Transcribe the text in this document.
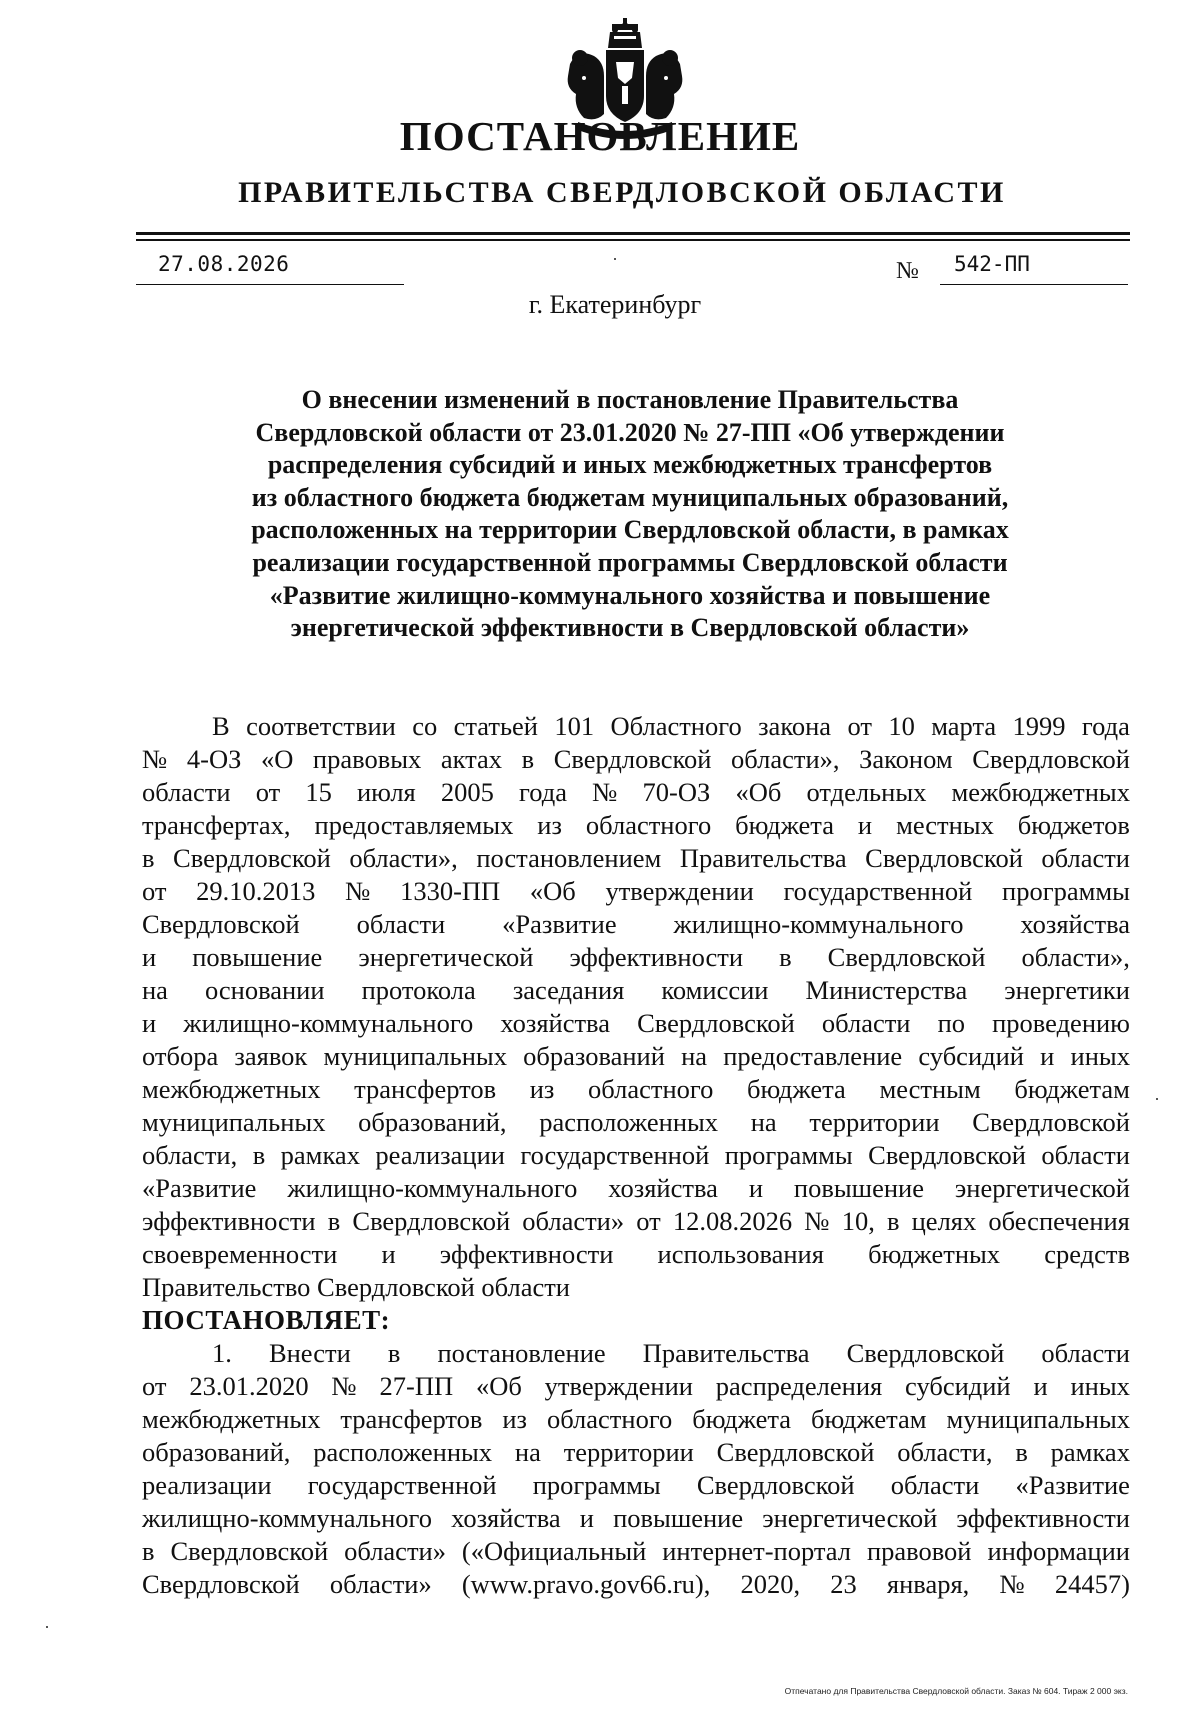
ПОСТАНОВЛЕНИЕ
ПРАВИТЕЛЬСТВА СВЕРДЛОВСКОЙ ОБЛАСТИ
27.08.2026	№ 542-ПП
г. Екатеринбург
О внесении изменений в постановление Правительства
Свердловской области от 23.01.2020 № 27-ПП «Об утверждении
распределения субсидий и иных межбюджетных трансфертов
из областного бюджета бюджетам муниципальных образований,
расположенных на территории Свердловской области, в рамках
реализации государственной программы Свердловской области
«Развитие жилищно-коммунального хозяйства и повышение
энергетической эффективности в Свердловской области»
В соответствии со статьей 101 Областного закона от 10 марта 1999 года
№ 4-ОЗ «О правовых актах в Свердловской области», Законом Свердловской
области от 15 июля 2005 года № 70-ОЗ «Об отдельных межбюджетных
трансфертах, предоставляемых из областного бюджета и местных бюджетов
в Свердловской области», постановлением Правительства Свердловской области
от 29.10.2013 № 1330-ПП «Об утверждении государственной программы
Свердловской области «Развитие жилищно-коммунального хозяйства
и повышение энергетической эффективности в Свердловской области»,
на основании протокола заседания комиссии Министерства энергетики
и жилищно-коммунального хозяйства Свердловской области по проведению
отбора заявок муниципальных образований на предоставление субсидий и иных
межбюджетных трансфертов из областного бюджета местным бюджетам
муниципальных образований, расположенных на территории Свердловской
области, в рамках реализации государственной программы Свердловской области
«Развитие жилищно-коммунального хозяйства и повышение энергетической
эффективности в Свердловской области» от 12.08.2026 № 10, в целях обеспечения
своевременности и эффективности использования бюджетных средств
Правительство Свердловской области
ПОСТАНОВЛЯЕТ:
1. Внести в постановление Правительства Свердловской области
от 23.01.2020 № 27-ПП «Об утверждении распределения субсидий и иных
межбюджетных трансфертов из областного бюджета бюджетам муниципальных
образований, расположенных на территории Свердловской области, в рамках
реализации государственной программы Свердловской области «Развитие
жилищно-коммунального хозяйства и повышение энергетической эффективности
в Свердловской области» («Официальный интернет-портал правовой информации
Свердловской области» (www.pravo.gov66.ru), 2020, 23 января, № 24457)
Отпечатано для Правительства Свердловской области. Заказ № 604. Тираж 2 000 экз.
